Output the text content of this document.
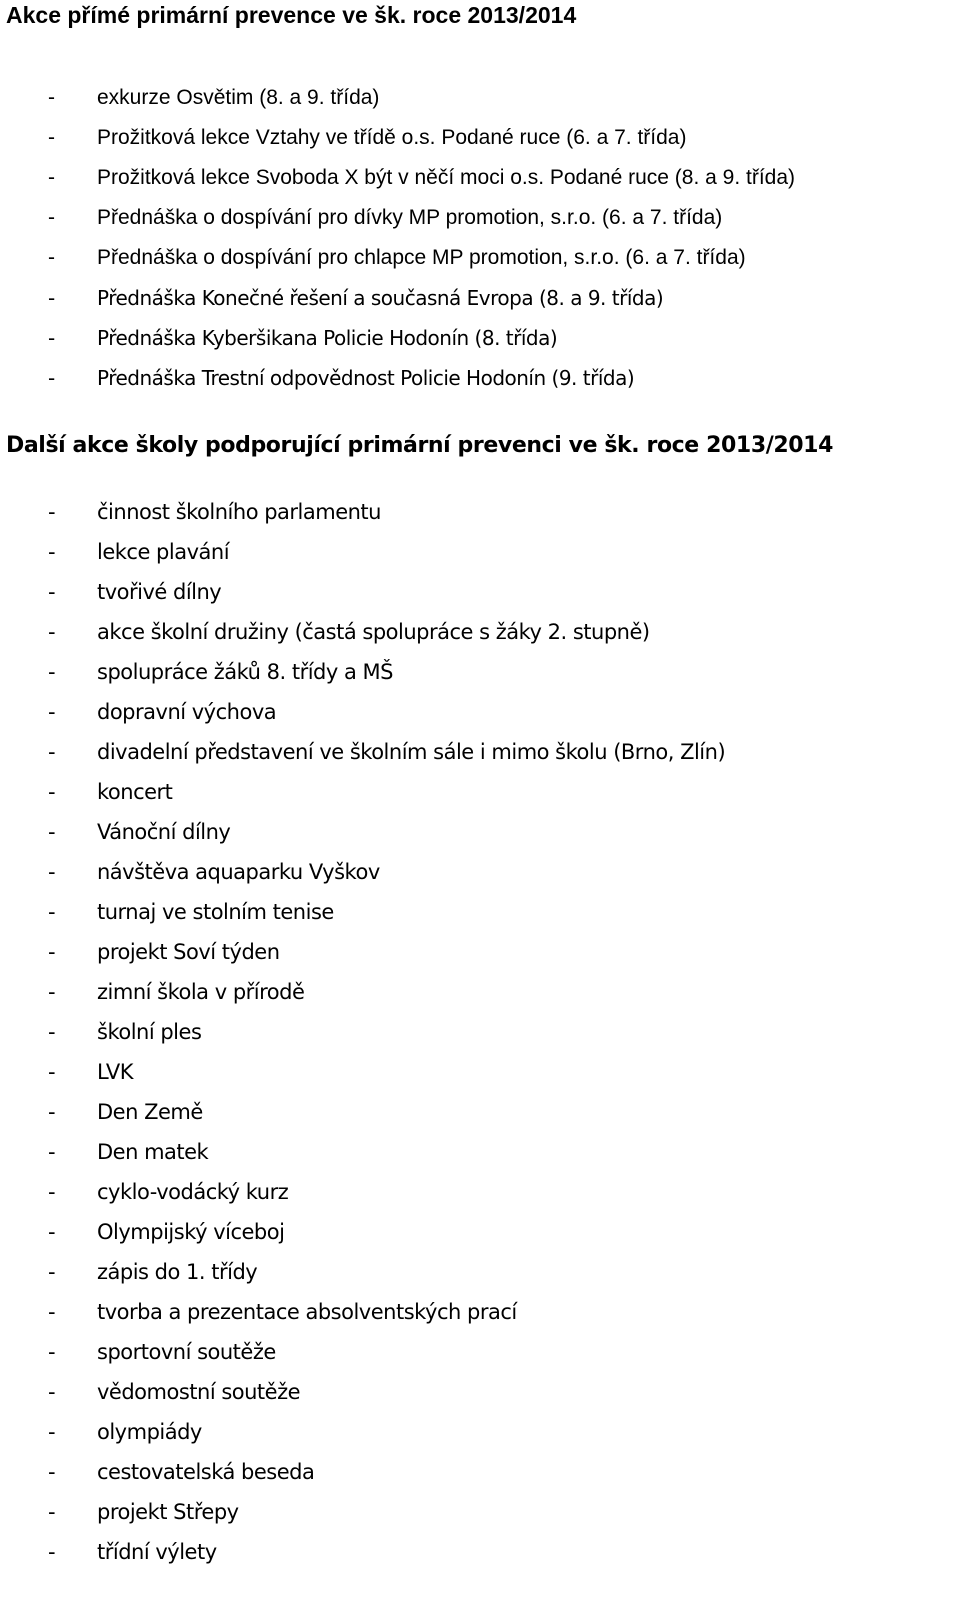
Akce přímé primární prevence ve šk. roce 2013/2014
- exkurze Osvětim (8. a 9. třída)
- Prožitková lekce Vztahy ve třídě o.s. Podané ruce (6. a 7. třída)
- Prožitková lekce Svoboda X být v něčí moci o.s. Podané ruce (8. a 9. třída)
- Přednáška o dospívání pro dívky MP promotion, s.r.o. (6. a 7. třída)
- Přednáška o dospívání pro chlapce MP promotion, s.r.o. (6. a 7. třída)
- Přednáška Konečné řešení a současná Evropa (8. a 9. třída)
- Přednáška Kyberšikana Policie Hodonín (8. třída)
- Přednáška Trestní odpovědnost Policie Hodonín (9. třída)
Další akce školy podporující primární prevenci ve šk. roce 2013/2014
- činnost školního parlamentu
- lekce plavání
- tvořivé dílny
- akce školní družiny (častá spolupráce s žáky 2. stupně)
- spolupráce žáků 8. třídy a MŠ
- dopravní výchova
- divadelní představení ve školním sále i mimo školu (Brno, Zlín)
- koncert
- Vánoční dílny
- návštěva aquaparku Vyškov
- turnaj ve stolním tenise
- projekt Soví týden
- zimní škola v přírodě
- školní ples
- LVK
- Den Země
- Den matek
- cyklo-vodácký kurz
- Olympijský víceboj
- zápis do 1. třídy
- tvorba a prezentace absolventských prací
- sportovní soutěže
- vědomostní soutěže
- olympiády
- cestovatelská beseda
- projekt Střepy
- třídní výlety
